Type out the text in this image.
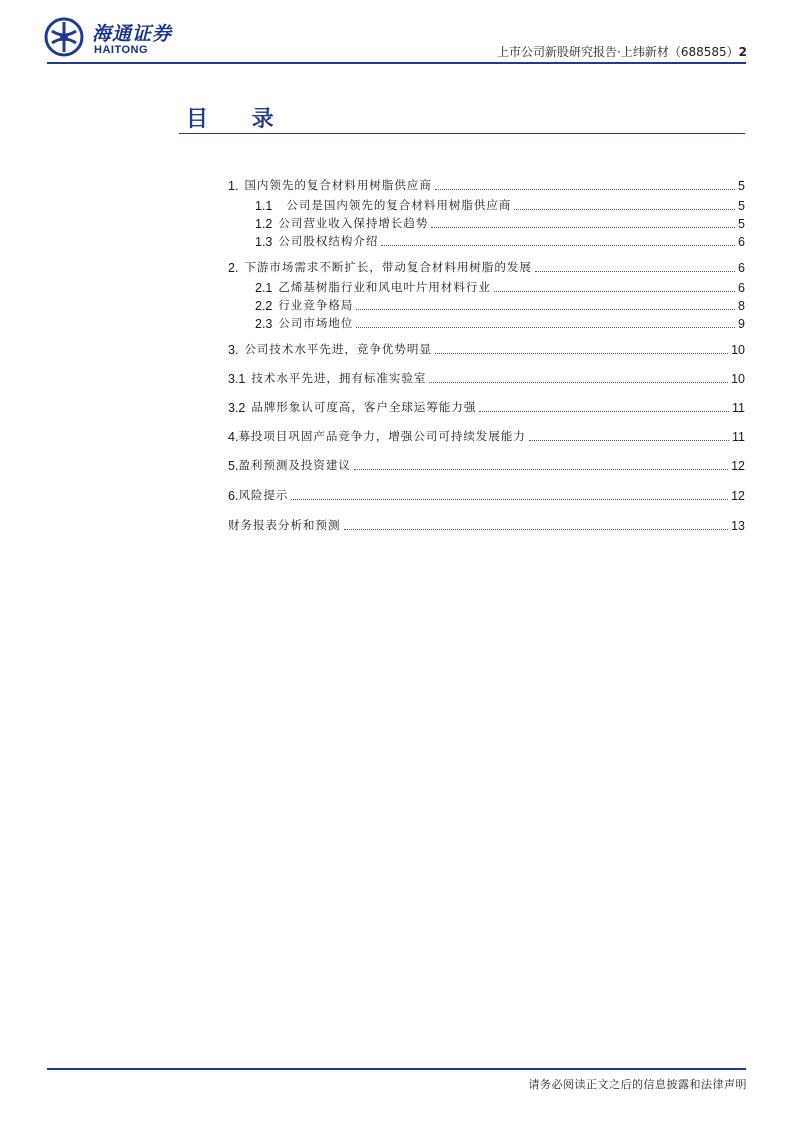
海通证券
HAITONG	上市公司新股研究报告·上纬新材（688585）2
目 录
1. 国内领先的复合材料用树脂供应商	5
1.1 公司是国内领先的复合材料用树脂供应商	5
1.2 公司营业收入保持增长趋势	5
1.3 公司股权结构介绍	6
2. 下游市场需求不断扩长，带动复合材料用树脂的发展	6
2.1 乙烯基树脂行业和风电叶片用材料行业	6
2.2 行业竞争格局	8
2.3 公司市场地位	9
3. 公司技术水平先进，竞争优势明显	10
3.1 技术水平先进，拥有标准实验室	10
3.2 品牌形象认可度高，客户全球运筹能力强	11
4. 募投项目巩固产品竞争力，增强公司可持续发展能力	11
5. 盈利预测及投资建议	12
6. 风险提示	12
财务报表分析和预测	13
请务必阅读正文之后的信息披露和法律声明
